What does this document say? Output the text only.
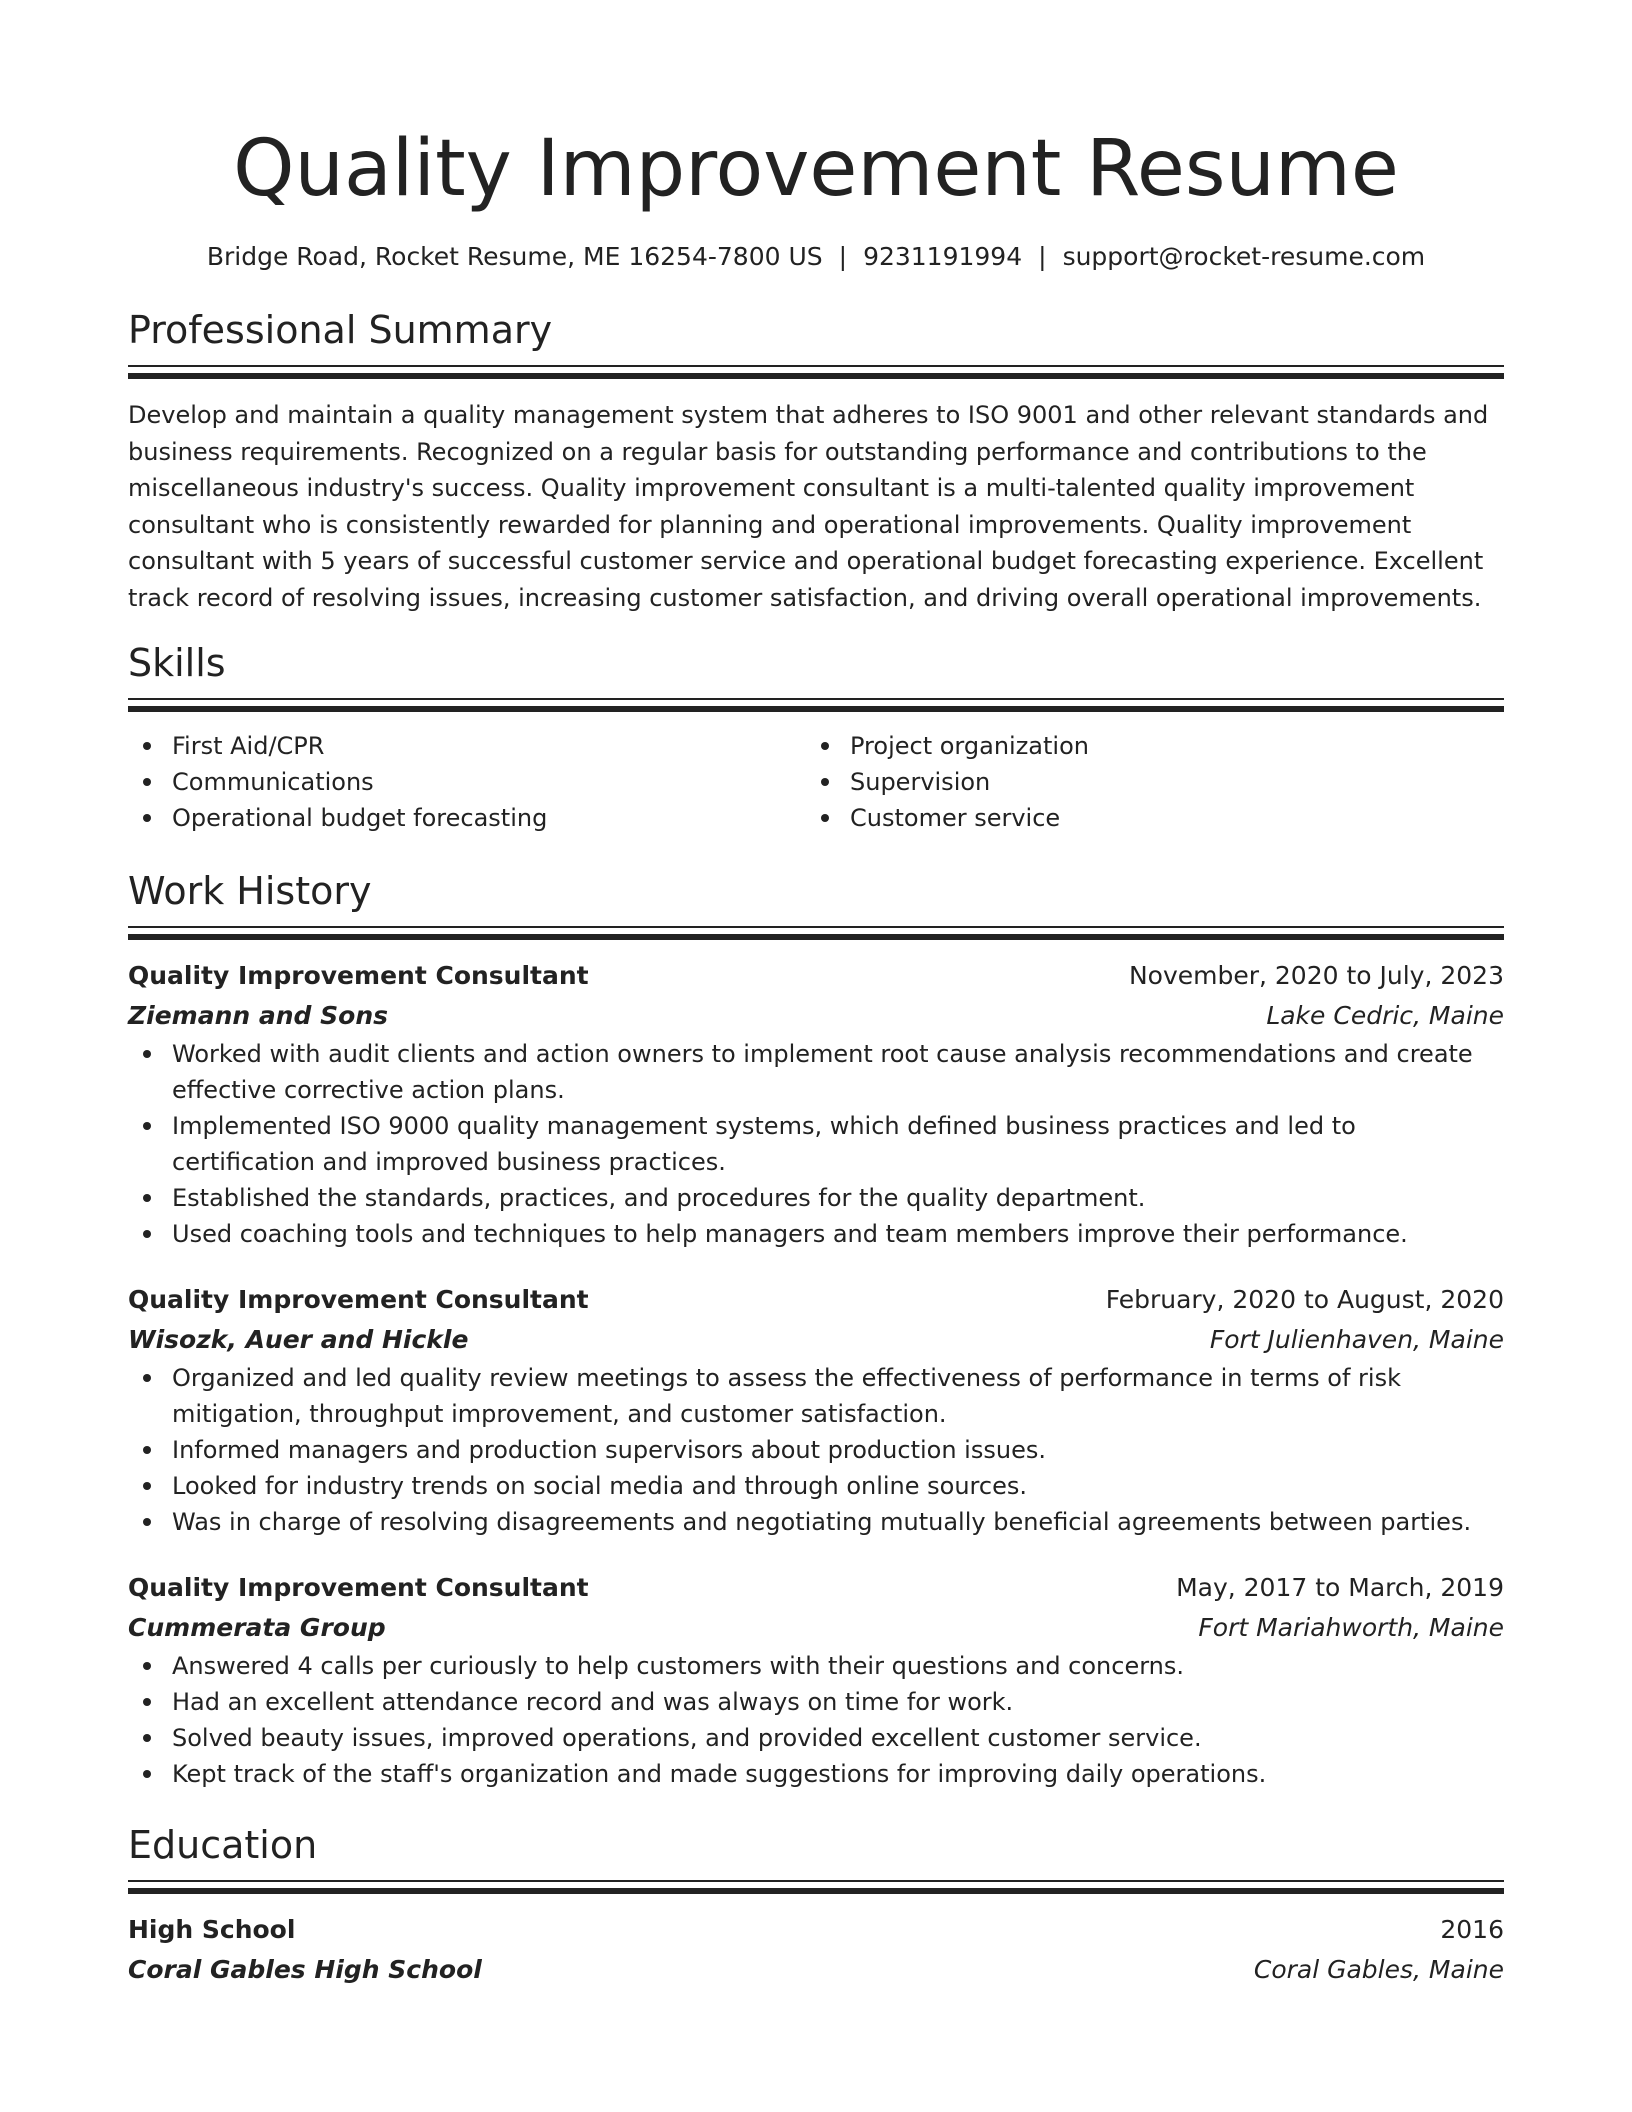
Quality Improvement Resume
Bridge Road, Rocket Resume, ME 16254-7800 US | 9231191994 | support@rocket-resume.com
Professional Summary

Develop and maintain a quality management system that adheres to ISO 9001 and other relevant standards and business requirements. Recognized on a regular basis for outstanding performance and contributions to the miscellaneous industry's success. Quality improvement consultant is a multi-talented quality improvement consultant who is consistently rewarded for planning and operational improvements. Quality improvement consultant with 5 years of successful customer service and operational budget forecasting experience. Excellent track record of resolving issues, increasing customer satisfaction, and driving overall operational improvements.

Skills
First Aid/CPR
Communications
Operational budget forecasting
Project organization
Supervision
Customer service
Work History
Quality Improvement Consultant	November, 2020 to July, 2023
Ziemann and Sons	Lake Cedric, Maine
Worked with audit clients and action owners to implement root cause analysis recommendations and create effective corrective action plans.
Implemented ISO 9000 quality management systems, which defined business practices and led to certification and improved business practices.
Established the standards, practices, and procedures for the quality department.
Used coaching tools and techniques to help managers and team members improve their performance.
Quality Improvement Consultant	February, 2020 to August, 2020
Wisozk, Auer and Hickle	Fort Julienhaven, Maine
Organized and led quality review meetings to assess the effectiveness of performance in terms of risk mitigation, throughput improvement, and customer satisfaction.
Informed managers and production supervisors about production issues.
Looked for industry trends on social media and through online sources.
Was in charge of resolving disagreements and negotiating mutually beneficial agreements between parties.
Quality Improvement Consultant	May, 2017 to March, 2019
Cummerata Group	Fort Mariahworth, Maine
Answered 4 calls per curiously to help customers with their questions and concerns.
Had an excellent attendance record and was always on time for work.
Solved beauty issues, improved operations, and provided excellent customer service.
Kept track of the staff's organization and made suggestions for improving daily operations.
Education
High School	2016
Coral Gables High School	Coral Gables, Maine
